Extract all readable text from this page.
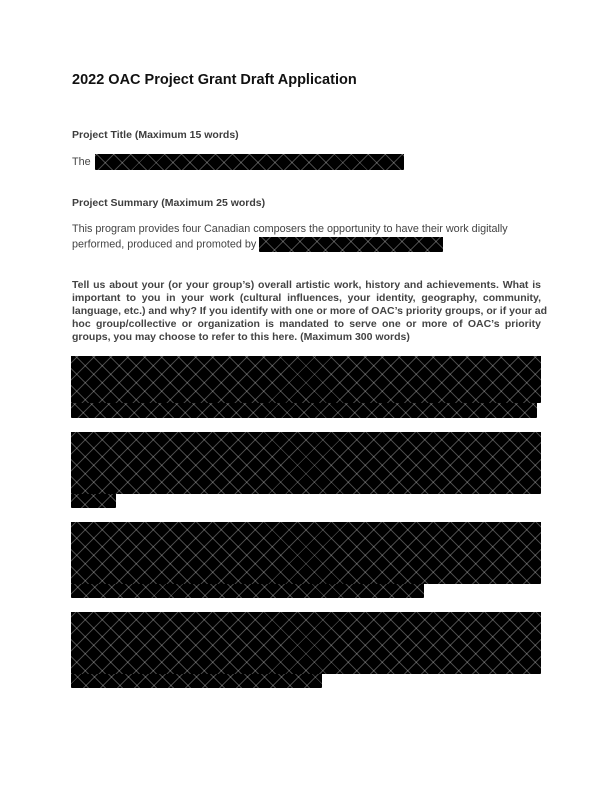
2022 OAC Project Grant Draft Application
Project Title (Maximum 15 words)
The
Project Summary (Maximum 25 words)
This program provides four Canadian composers the opportunity to have their work digitally
performed, produced and promoted by
Tell us about your (or your group’s) overall artistic work, history and achievements. What is
important to you in your work (cultural influences, your identity, geography, community,
language, etc.) and why? If you identify with one or more of OAC’s priority groups, or if your ad
hoc group/collective or organization is mandated to serve one or more of OAC’s priority
groups, you may choose to refer to this here. (Maximum 300 words)
